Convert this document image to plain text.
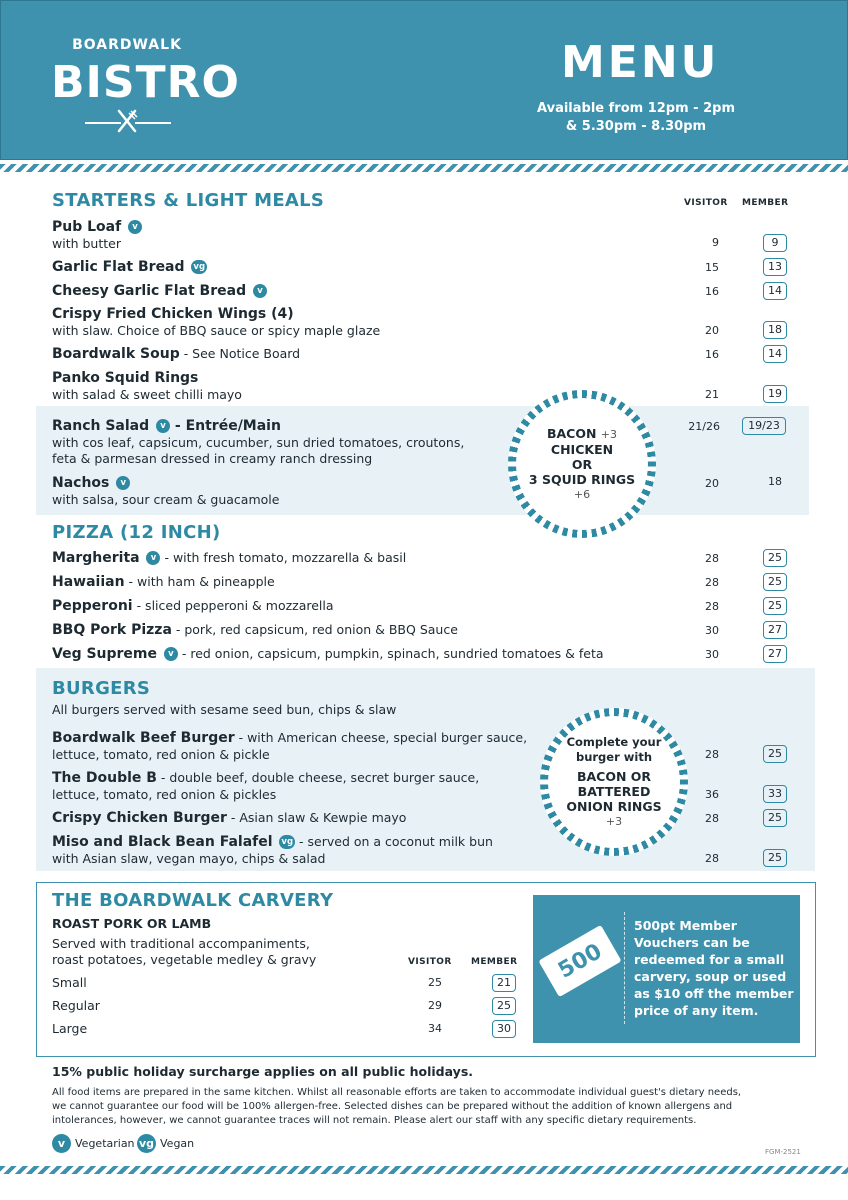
BOARDWALK
BISTRO	MENU
Available from 12pm - 2pm
& 5.30pm - 8.30pm
STARTERS & LIGHT MEALS	VISITOR MEMBER
Pub Loaf v
with butter	9	9
Garlic Flat Bread vg	15	13
Cheesy Garlic Flat Bread v	16	14
Crispy Fried Chicken Wings (4)
with slaw. Choice of BBQ sauce or spicy maple glaze	20	18
Boardwalk Soup - See Notice Board	16	14
Panko Squid Rings
with salad & sweet chilli mayo	21	19
Ranch Salad v - Entrée/Main
with cos leaf, capsicum, cucumber, sun dried tomatoes, croutons,
feta & parmesan dressed in creamy ranch dressing
21/26	19/23
Nachos v
with salsa, sour cream & guacamole
20	18
BACON +3
CHICKEN
OR
3 SQUID RINGS
+6
PIZZA (12 INCH)
Margherita v - with fresh tomato, mozzarella & basil	28	25
Hawaiian - with ham & pineapple	28	25
Pepperoni - sliced pepperoni & mozzarella	28	25
BBQ Pork Pizza - pork, red capsicum, red onion & BBQ Sauce	30	27
Veg Supreme v - red onion, capsicum, pumpkin, spinach, sundried tomatoes & feta	30	27
BURGERS
All burgers served with sesame seed bun, chips & slaw
Boardwalk Beef Burger - with American cheese, special burger sauce,
lettuce, tomato, red onion & pickle	28	25
The Double B - double beef, double cheese, secret burger sauce,
lettuce, tomato, red onion & pickles	36	33
Crispy Chicken Burger - Asian slaw & Kewpie mayo	28	25
Miso and Black Bean Falafel vg - served on a coconut milk bun
with Asian slaw, vegan mayo, chips & salad	28	25
Complete your
burger with
BACON OR
BATTERED
ONION RINGS
+3
THE BOARDWALK CARVERY
ROAST PORK OR LAMB
Served with traditional accompaniments,
roast potatoes, vegetable medley & gravy	VISITOR MEMBER
Small	25	21
Regular	29	25
Large	34	30
500
500pt Member Vouchers can be redeemed for a small carvery, soup or used as $10 off the member price of any item.
15% public holiday surcharge applies on all public holidays.
All food items are prepared in the same kitchen. Whilst all reasonable efforts are taken to accommodate individual guest's dietary needs,
we cannot guarantee our food will be 100% allergen-free. Selected dishes can be prepared without the addition of known allergens and
intolerances, however, we cannot guarantee traces will not remain. Please alert our staff with any specific dietary requirements.
v Vegetarian vg Vegan
FGM-2521
